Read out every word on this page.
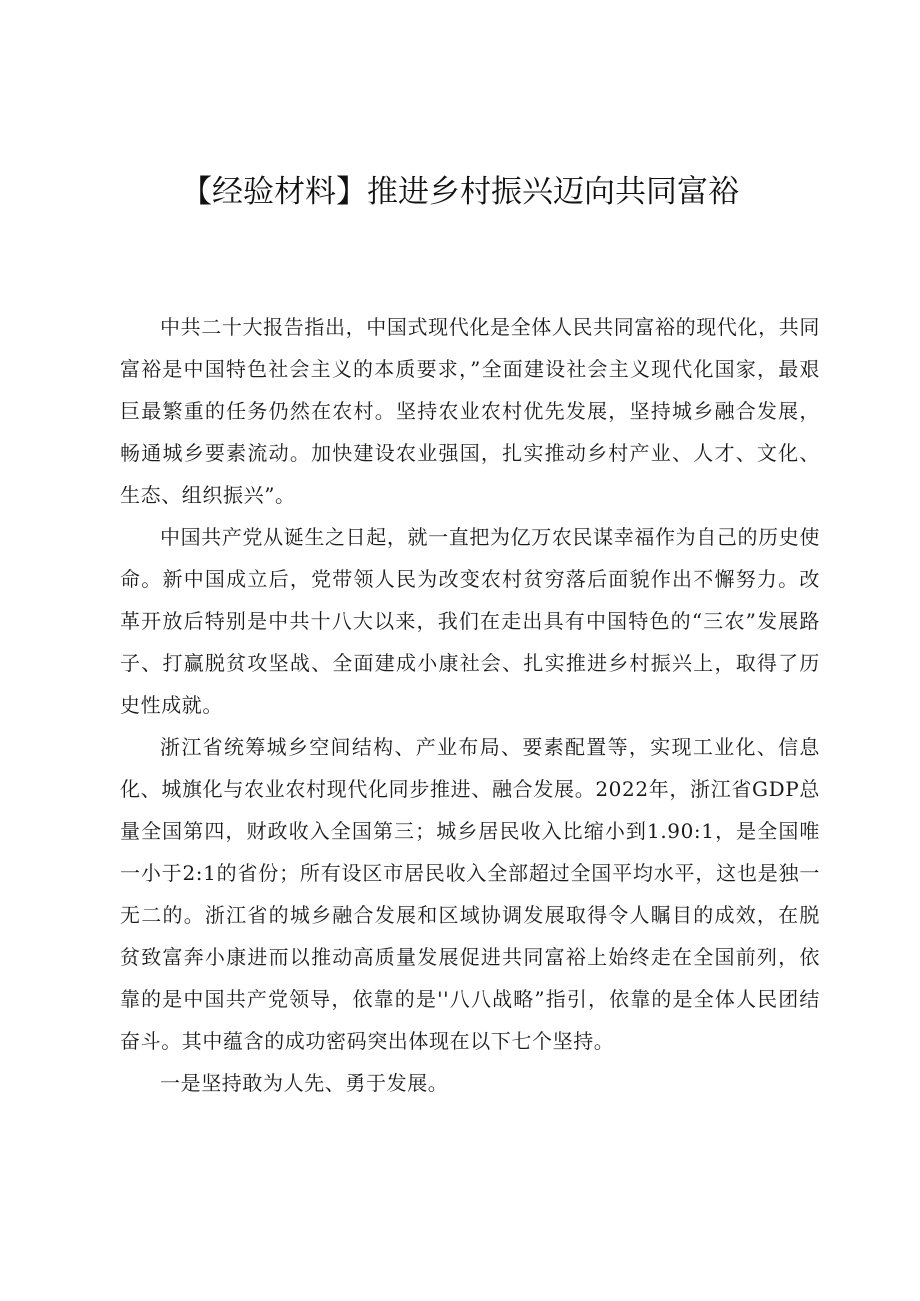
【经验材料】推进乡村振兴迈向共同富裕

中共二十大报告指出，中国式现代化是全体人民共同富裕的现代化，共同富裕是中国特色社会主义的本质要求，”全面建设社会主义现代化国家，最艰巨最繁重的任务仍然在农村。坚持农业农村优先发展，坚持城乡融合发展，畅通城乡要素流动。加快建设农业强国，扎实推动乡村产业、人才、文化、生态、组织振兴”。

中国共产党从诞生之日起，就一直把为亿万农民谋幸福作为自己的历史使命。新中国成立后，党带领人民为改变农村贫穷落后面貌作出不懈努力。改革开放后特别是中共十八大以来，我们在走出具有中国特色的“三农”发展路子、打赢脱贫攻坚战、全面建成小康社会、扎实推进乡村振兴上，取得了历史性成就。

浙江省统筹城乡空间结构、产业布局、要素配置等，实现工业化、信息化、城旗化与农业农村现代化同步推进、融合发展。2022年，浙江省GDP总量全国第四，财政收入全国第三；城乡居民收入比缩小到1.90:1，是全国唯一小于2:1的省份；所有设区市居民收入全部超过全国平均水平，这也是独一无二的。浙江省的城乡融合发展和区域协调发展取得令人瞩目的成效，在脱贫致富奔小康进而以推动高质量发展促进共同富裕上始终走在全国前列，依靠的是中国共产党领导，依靠的是''八八战略”指引，依靠的是全体人民团结奋斗。其中蕴含的成功密码突出体现在以下七个坚持。

一是坚持敢为人先、勇于发展。
